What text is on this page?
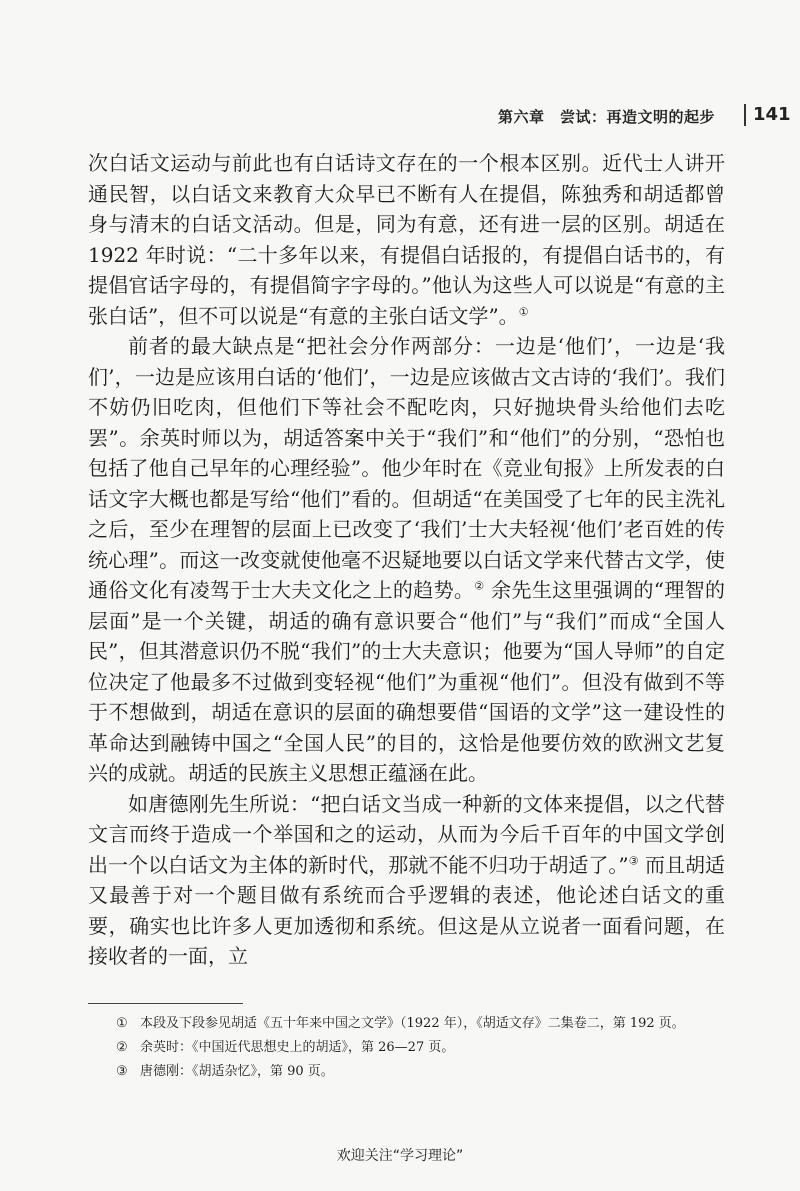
第六章　尝试：再造文明的起步 141

次白话文运动与前此也有白话诗文存在的一个根本区别。近代士人讲开通民智，以白话文来教育大众早已不断有人在提倡，陈独秀和胡适都曾身与清末的白话文活动。但是，同为有意，还有进一层的区别。胡适在 1922 年时说：“二十多年以来，有提倡白话报的，有提倡白话书的，有提倡官话字母的，有提倡简字字母的。”他认为这些人可以说是“有意的主张白话”，但不可以说是“有意的主张白话文学”。①

前者的最大缺点是“把社会分作两部分：一边是‘他们’，一边是‘我们’，一边是应该用白话的‘他们’，一边是应该做古文古诗的‘我们’。我们不妨仍旧吃肉，但他们下等社会不配吃肉，只好抛块骨头给他们去吃罢”。余英时师以为，胡适答案中关于“我们”和“他们”的分别，“恐怕也包括了他自己早年的心理经验”。他少年时在《竞业旬报》上所发表的白话文字大概也都是写给“他们”看的。但胡适“在美国受了七年的民主洗礼之后，至少在理智的层面上已改变了‘我们’士大夫轻视‘他们’老百姓的传统心理”。而这一改变就使他毫不迟疑地要以白话文学来代替古文学，使通俗文化有凌驾于士大夫文化之上的趋势。② 余先生这里强调的“理智的层面”是一个关键，胡适的确有意识要合“他们”与“我们”而成“全国人民”，但其潜意识仍不脱“我们”的士大夫意识；他要为“国人导师”的自定位决定了他最多不过做到变轻视“他们”为重视“他们”。但没有做到不等于不想做到，胡适在意识的层面的确想要借“国语的文学”这一建设性的革命达到融铸中国之“全国人民”的目的，这恰是他要仿效的欧洲文艺复兴的成就。胡适的民族主义思想正蕴涵在此。

如唐德刚先生所说：“把白话文当成一种新的文体来提倡，以之代替文言而终于造成一个举国和之的运动，从而为今后千百年的中国文学创出一个以白话文为主体的新时代，那就不能不归功于胡适了。”③ 而且胡适又最善于对一个题目做有系统而合乎逻辑的表述，他论述白话文的重要，确实也比许多人更加透彻和系统。但这是从立说者一面看问题，在接收者的一面，立

① 本段及下段参见胡适《五十年来中国之文学》（1922 年），《胡适文存》二集卷二，第 192 页。
② 余英时：《中国近代思想史上的胡适》，第 26—27 页。
③ 唐德刚：《胡适杂忆》，第 90 页。
欢迎关注“学习理论”
